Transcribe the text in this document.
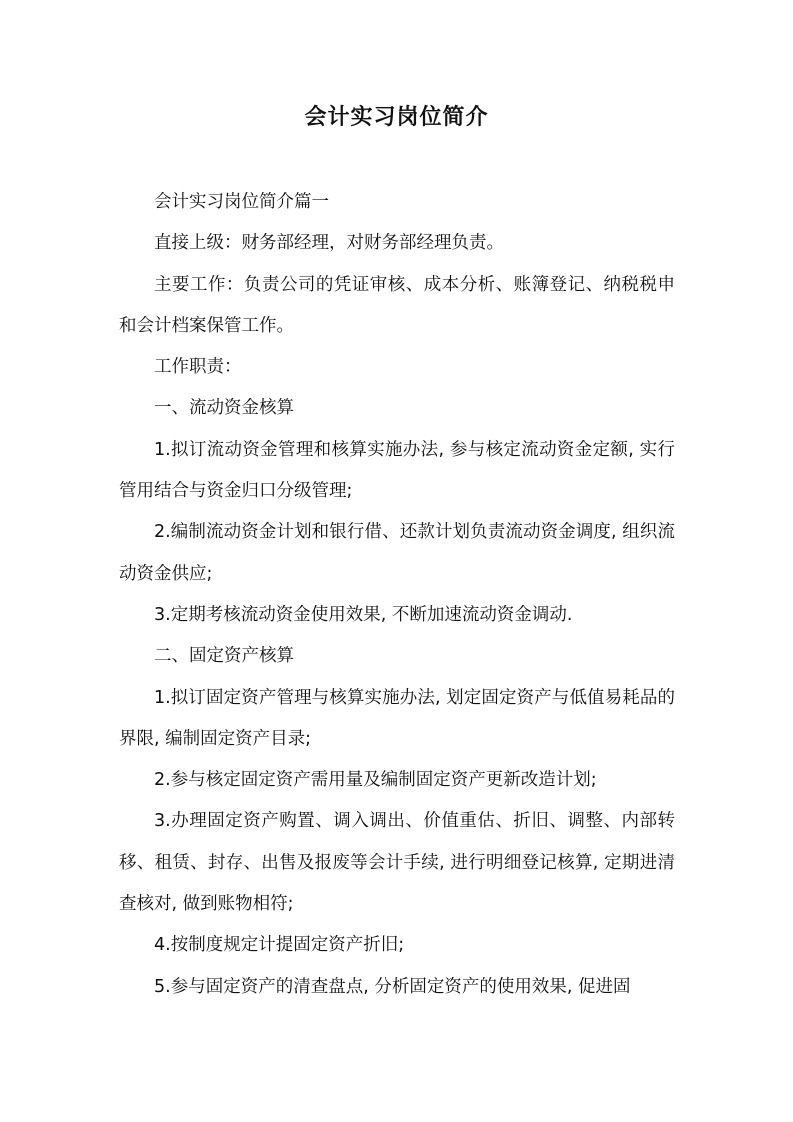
会计实习岗位简介

会计实习岗位简介篇一

直接上级：财务部经理，对财务部经理负责。

主要工作：负责公司的凭证审核、成本分析、账簿登记、纳税税申和会计档案保管工作。

工作职责：

一、流动资金核算

1.拟订流动资金管理和核算实施办法, 参与核定流动资金定额, 实行管用结合与资金归口分级管理;

2.编制流动资金计划和银行借、还款计划负责流动资金调度, 组织流动资金供应;

3.定期考核流动资金使用效果, 不断加速流动资金调动.

二、固定资产核算

1.拟订固定资产管理与核算实施办法, 划定固定资产与低值易耗品的界限, 编制固定资产目录;

2.参与核定固定资产需用量及编制固定资产更新改造计划;

3.办理固定资产购置、调入调出、价值重估、折旧、调整、内部转移、租赁、封存、出售及报废等会计手续, 进行明细登记核算, 定期进清查核对, 做到账物相符;

4.按制度规定计提固定资产折旧;

5.参与固定资产的清查盘点, 分析固定资产的使用效果, 促进固
